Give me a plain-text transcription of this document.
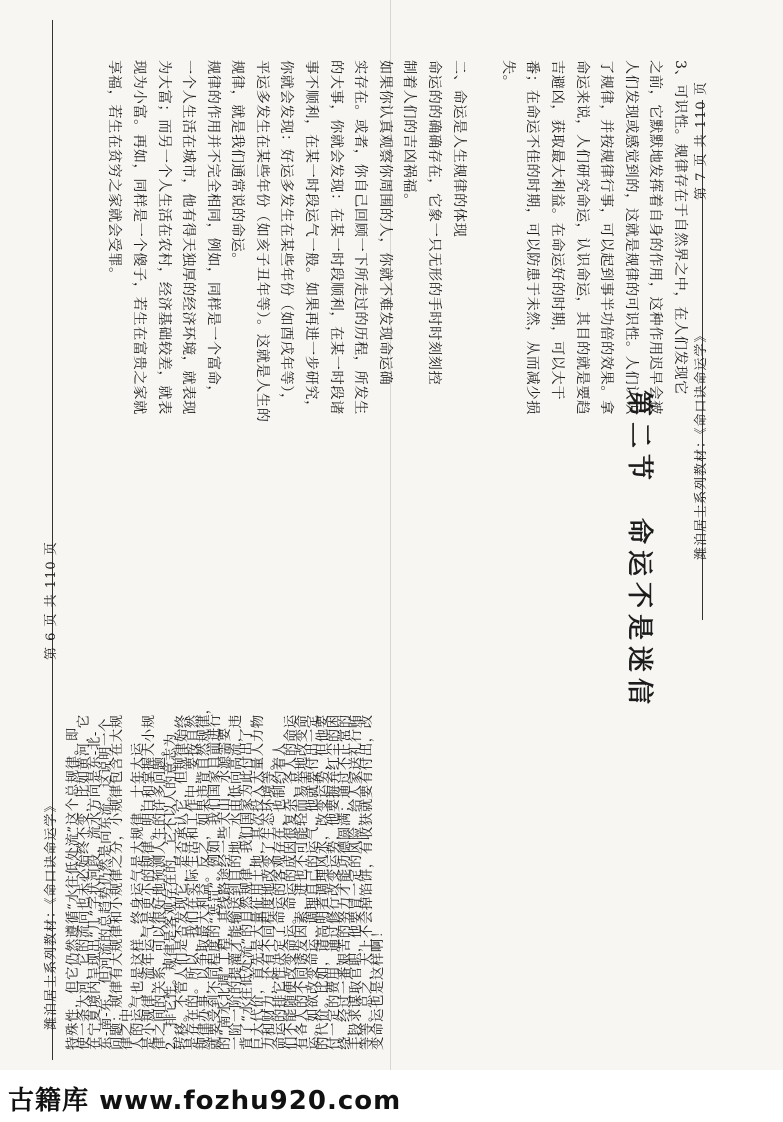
潍泊居士系列教材：《命口诀命运学》
第 6 页 共 110 页
特殊性，但它仍然遵循“水往低处流”这个总规律。即
使一条大河，它的流向也未必始终不变，比如黄河，它
在宁夏境内呈现出“几”字状河段，流水方向是东-北-
东-南-东，但河流的总趋势仍然是向东流。这说明一个
问题：规律有大规律和小规律之分，小规律包含在大规
律之中。
人的运气也是这样，终身运气是大规律，十年大运
是小规律，流年运气是更小的规律。明白和掌握大小规
律之间的关系，可以很好地预测人生的许多问题。
2、排它性。规律是客观存在的，它不以人的意志为
转移。不管人们是否发现它，是否承认它，但规律始终
是存在的。所以，我们在实际生活和工作中，要按自然
规律办事，以争取最大利益。反之，如果违背自然规律，
就要受到不同程度的“惩罚”。例如，我们国家目前进行
的“南水北调”工程，其线路途经一些大山，水源需要
一阶一阶的提灌才能输送到目的地，水由低向高流，违
背了“水往低处流”的自然规律，我们国家为此付出了
巨大代价，首先是大量征用土地，其次投入大量人力物
力和财力，还有不同程度地改变了生态环境等。
命运的排它性决定了命运的客观存在，也制约着人
们不能随便改变命运。命运的成因很复杂，各人的命运
有各人的不同诱发因素，进也不可能轻而易举地改变命
运。如欲改变命运，调理自己的运气，他就要付出一定
的代价。比如，请高明者调理风水，改变运势，但他要
付一定的费用，通过修行改变运势，他要摒弃红尘的困
绕，经过一番艰苦的努力才能功德圆满；通过不正常的
手段求谋取官职，他要冒一定的风险，给人家送礼行贿
等等。总之，天上不会掉馅饼，有收获就要有付出，改
变命运也是这样啊！
潍泊居士系列教材：《命口诀命运学》
第 7 页 共 110 页
3、可识性。规律存在于自然界之中，在人们发现它
之前，它默默地发挥着自身的作用，这种作用迟早会被
人们发现或感觉到的，这就是规律的可识性。人们认识
了规律，并按规律行事，可以起到事半功倍的效果。拿
命运来说，人们研究命运，认识命运，其目的就是要趋
吉避凶，获取最大利益。在命运好的时期，可以大干
番；在命运不佳的时期，可以防患于未然，从而减少损
失。
二、命运是人生规律的体现
命运的的确确存在，它象一只无形的手时时刻刻控
制着人们的吉凶祸福。
如果你认真观察你周围的人，你就不难发现命运确
实存在。或者，你自己回顾一下所走过的历程，所发生
的大事，你就会发现：在某一时段顺利，在某一时段诸
事不顺利，在某一时段运气一般。如果再进一步研究，
你就会发现：好运多发生在某些年份（如酉戌年等），
平运多发生在某些年份（如亥子丑年等）。这就是人生的
规律，就是我们通常说的命运。
规律的作用并不完全相同，例如，同样是一个富命，
一个人生活在城市，他有得天独厚的经济环境，就表现
为大富；而另一个人生活在农村，经济基础较差，就表
现为小富。再如，同样是一个傻子，若生在富贵之家就
享福，若生在贫穷之家就会受罪。
第二节　命运不是迷信
古籍库 www.fozhu920.com
